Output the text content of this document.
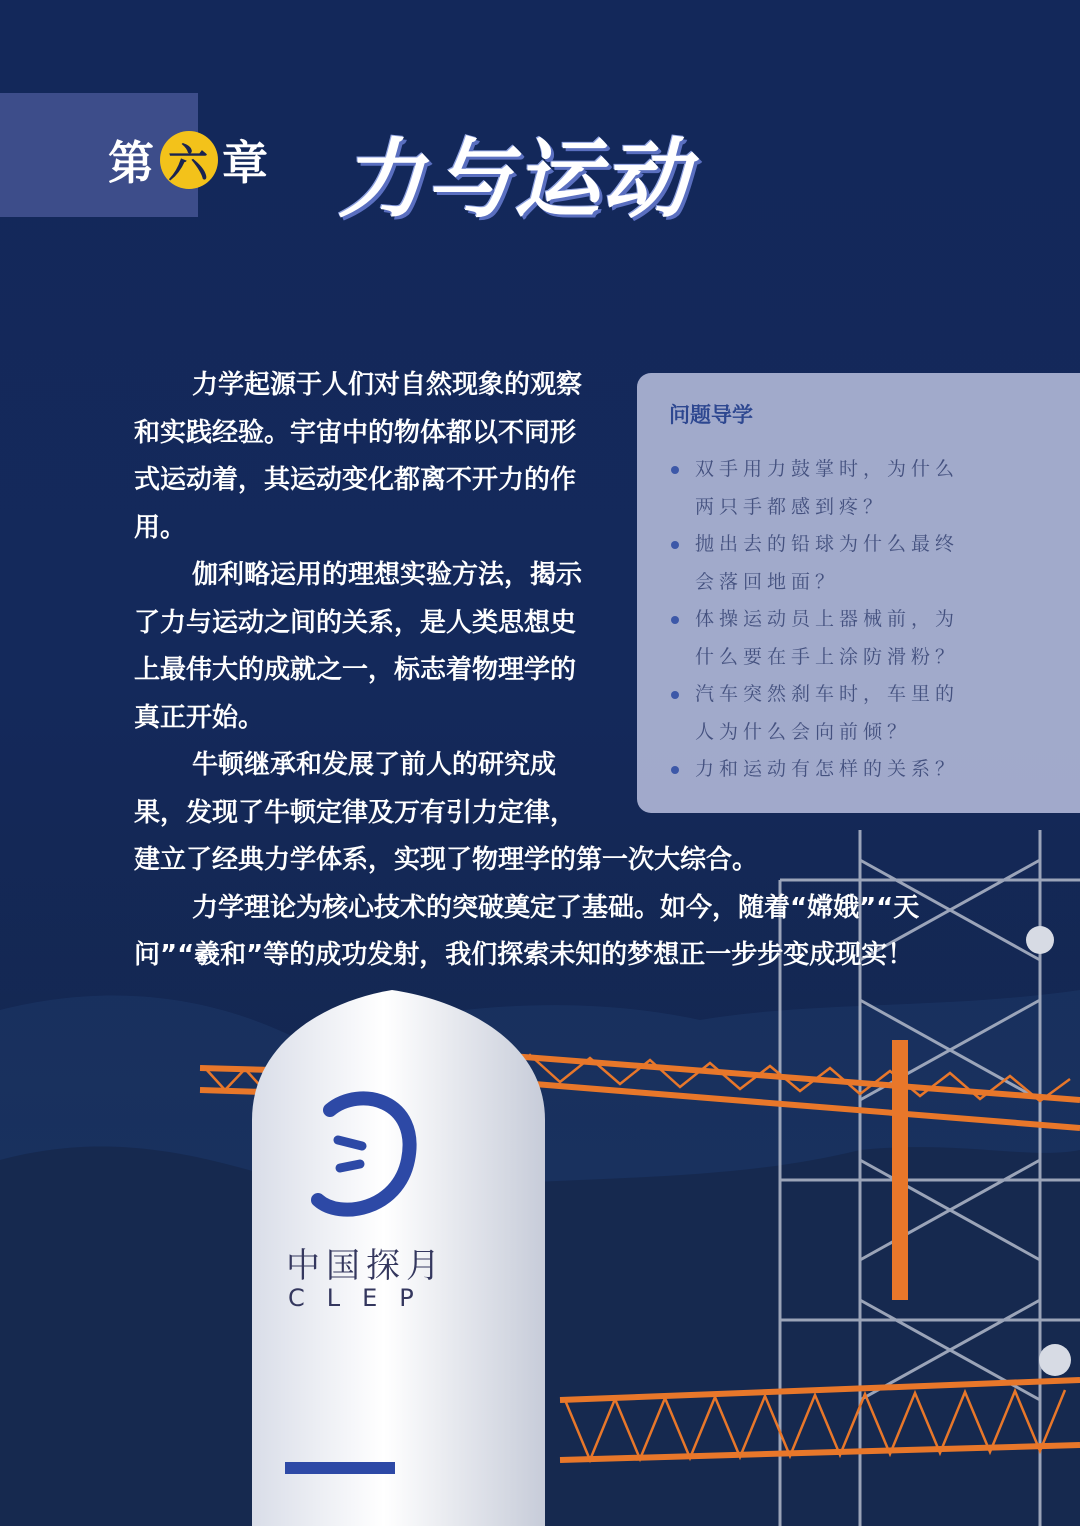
中国探月
CLEP
第 六 章 力与运动
问题导学
双手用力鼓掌时，为什么两只手都感到疼？
抛出去的铅球为什么最终会落回地面？
体操运动员上器械前，为什么要在手上涂防滑粉？
汽车突然刹车时，车里的人为什么会向前倾？
力和运动有怎样的关系？

力学起源于人们对自然现象的观察和实践经验。宇宙中的物体都以不同形式运动着，其运动变化都离不开力的作用。

伽利略运用的理想实验方法，揭示了力与运动之间的关系，是人类思想史上最伟大的成就之一，标志着物理学的真正开始。

牛顿继承和发展了前人的研究成果，发现了牛顿定律及万有引力定律，
建立了经典力学体系，实现了物理学的第一次大综合。

力学理论为核心技术的突破奠定了基础。如今，随着“嫦娥”“天问”“羲和”等的成功发射，我们探索未知的梦想正一步步变成现实！
